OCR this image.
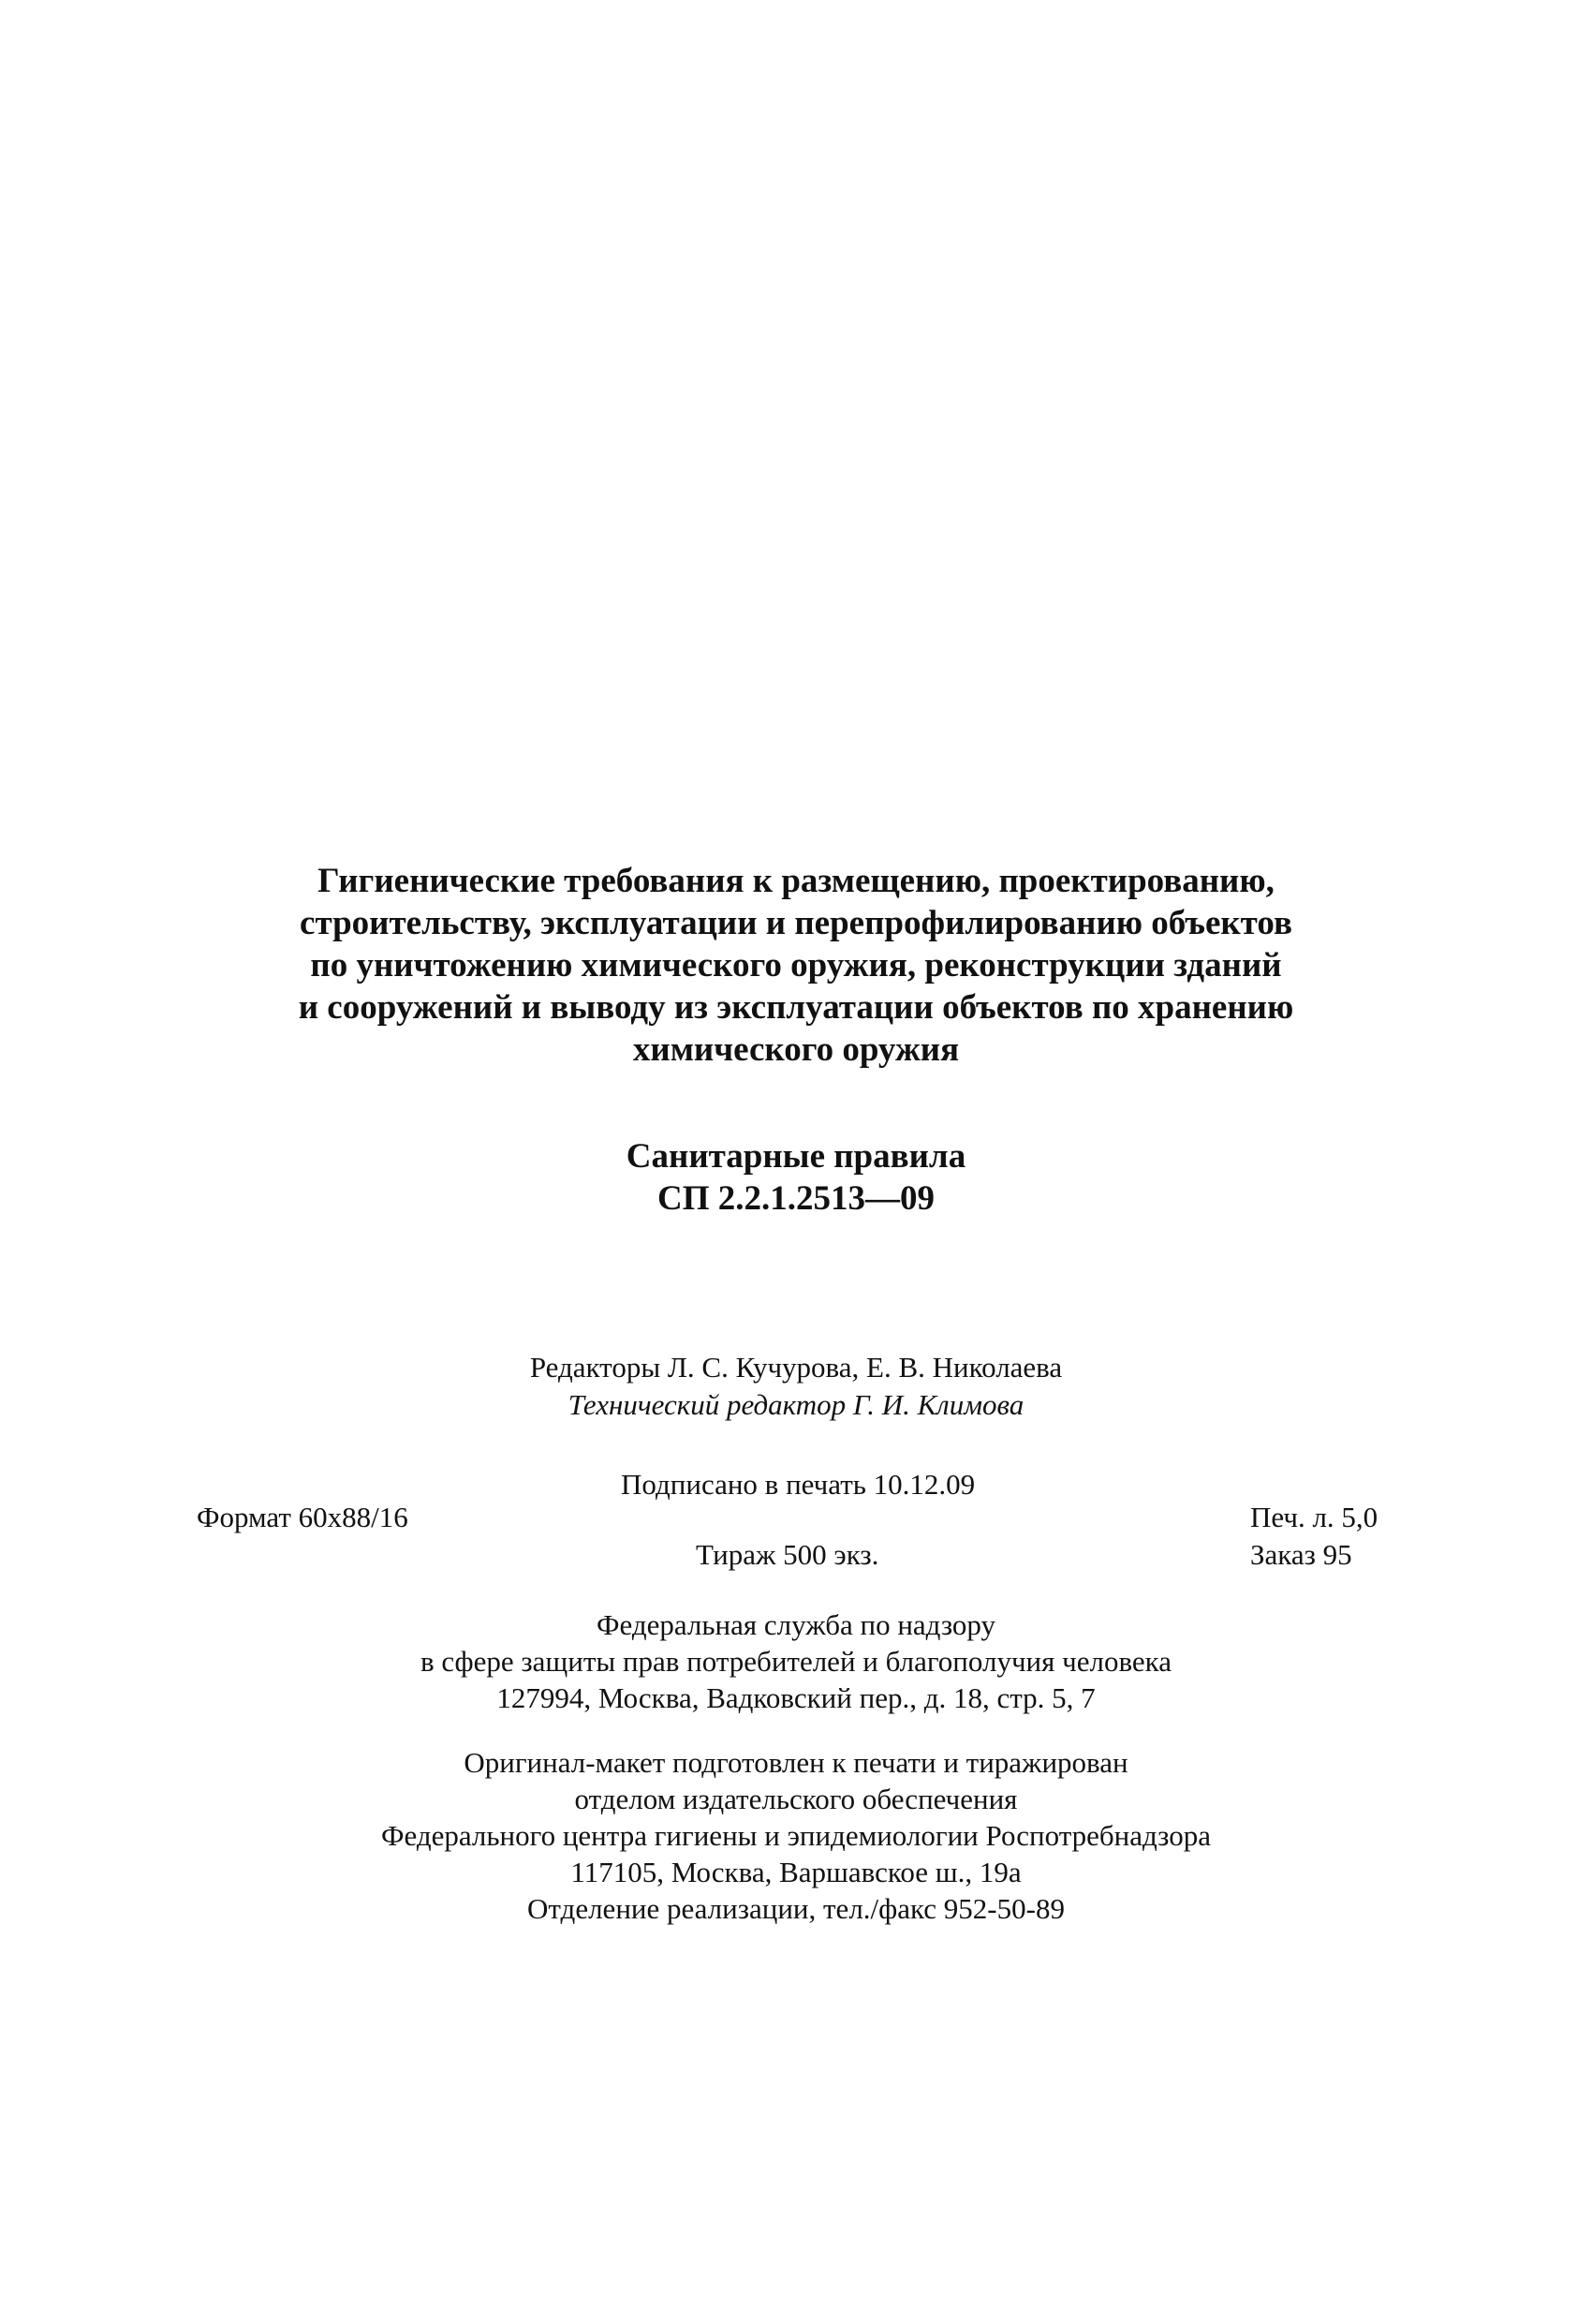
Гигиенические требования к размещению, проектированию,
строительству, эксплуатации и перепрофилированию объектов
по уничтожению химического оружия, реконструкции зданий
и сооружений и выводу из эксплуатации объектов по хранению
химического оружия
Санитарные правила
СП 2.2.1.2513—09
Редакторы Л. С. Кучурова, Е. В. Николаева
Технический редактор Г. И. Климова
Подписано в печать 10.12.09
Формат 60x88/16	Печ. л. 5,0
Тираж 500 экз.	Заказ 95
Федеральная служба по надзору
в сфере защиты прав потребителей и благополучия человека
127994, Москва, Вадковский пер., д. 18, стр. 5, 7
Оригинал-макет подготовлен к печати и тиражирован
отделом издательского обеспечения
Федерального центра гигиены и эпидемиологии Роспотребнадзора
117105, Москва, Варшавское ш., 19а
Отделение реализации, тел./факс 952-50-89
